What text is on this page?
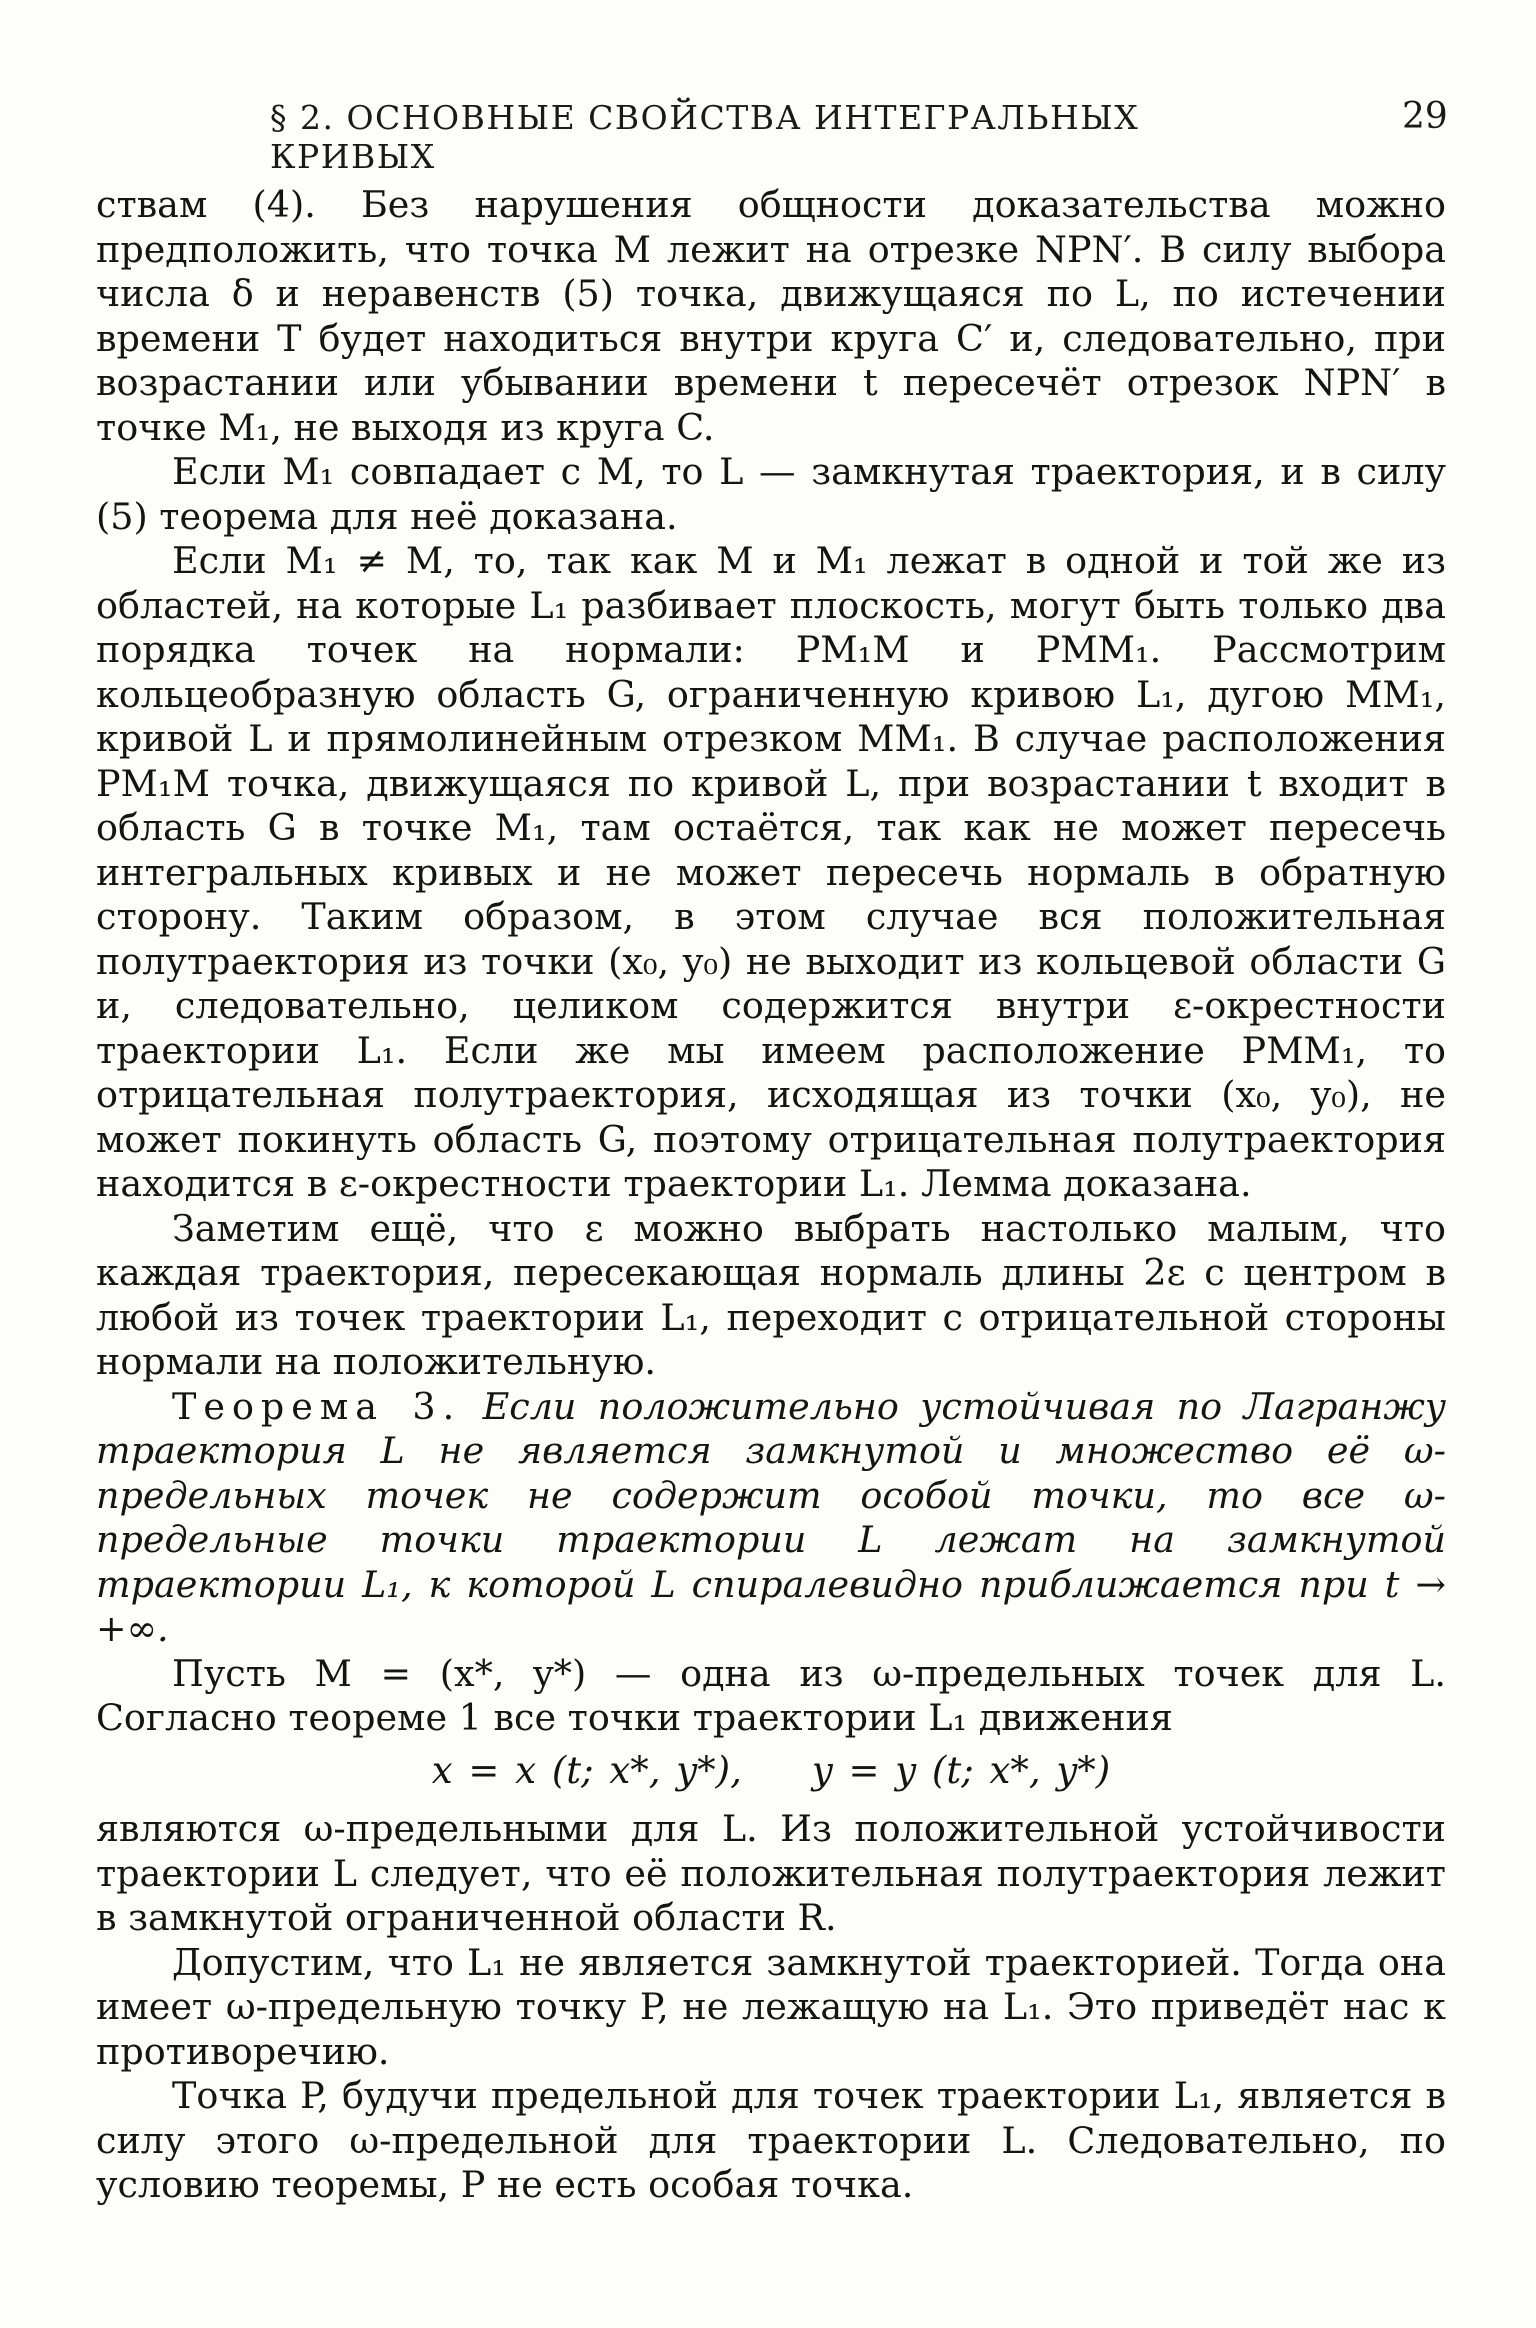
§ 2. ОСНОВНЫЕ СВОЙСТВА ИНТЕГРАЛЬНЫХ КРИВЫХ
29

ствам (4). Без нарушения общности доказательства можно предположить, что точка M лежит на отрезке NPN′. В силу выбора числа δ и неравенств (5) точка, движущаяся по L, по истечении времени T будет находиться внутри круга C′ и, следовательно, при возрастании или убывании времени t пересечёт отрезок NPN′ в точке M₁, не выходя из круга C.

Если M₁ совпадает с M, то L — замкнутая траектория, и в силу (5) теорема для неё доказана.

Если M₁ ≠ M, то, так как M и M₁ лежат в одной и той же из областей, на которые L₁ разбивает плоскость, могут быть только два порядка точек на нормали: PM₁M и PMM₁. Рассмотрим кольцеобразную область G, ограниченную кривою L₁, дугою MM₁, кривой L и прямолинейным отрезком MM₁. В случае расположения PM₁M точка, движущаяся по кривой L, при возрастании t входит в область G в точке M₁, там остаётся, так как не может пересечь интегральных кривых и не может пересечь нормаль в обратную сторону. Таким образом, в этом случае вся положительная полутраектория из точки (x₀, y₀) не выходит из кольцевой области G и, следовательно, целиком содержится внутри ε-окрестности траектории L₁. Если же мы имеем расположение PMM₁, то отрицательная полутраектория, исходящая из точки (x₀, y₀), не может покинуть область G, поэтому отрицательная полутраектория находится в ε-окрестности траектории L₁. Лемма доказана.

Заметим ещё, что ε можно выбрать настолько малым, что каждая траектория, пересекающая нормаль длины 2ε с центром в любой из точек траектории L₁, переходит с отрицательной стороны нормали на положительную.

Теорема 3. Если положительно устойчивая по Лагранжу траектория L не является замкнутой и множество её ω-предельных точек не содержит особой точки, то все ω-предельные точки траектории L лежат на замкнутой траектории L₁, к которой L спиралевидно приближается при t → +∞.

Пусть M = (x*, y*) — одна из ω-предельных точек для L. Согласно теореме 1 все точки траектории L₁ движения

x = x (t; x*, y*), y = y (t; x*, y*)

являются ω-предельными для L. Из положительной устойчивости траектории L следует, что её положительная полутраектория лежит в замкнутой ограниченной области R.

Допустим, что L₁ не является замкнутой траекторией. Тогда она имеет ω-предельную точку P, не лежащую на L₁. Это приведёт нас к противоречию.

Точка P, будучи предельной для точек траектории L₁, является в силу этого ω-предельной для траектории L. Следовательно, по условию теоремы, P не есть особая точка.
